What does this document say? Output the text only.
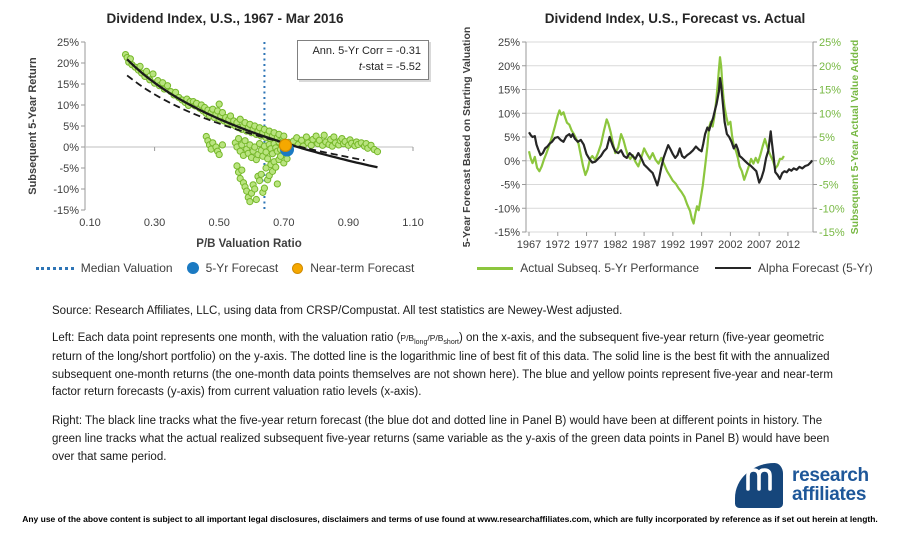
Dividend Index, U.S., 1967 - Mar 2016	Dividend Index, U.S., Forecast vs. Actual
25%
20%
15%
10%
5%
0%
-5%
-10%
-15%
0.10	0.30	0.50	0.70	0.90	1.10
P/B Valuation Ratio
Subsequent 5-Year Return
25%
20%
15%
10%
5%
0%
-5%
-10%
-15%
25%
20%
15%
10%
5%
0%
-5%
-10%
-15%
1967 1972 1977 1982 1987 1992 1997 2002 2007 2012
5-Year Forecast Based on Starting Valuation	Subsequent 5-Year Actual Value Added
Ann. 5-Yr Corr = -0.31
t-stat = -5.52
Median Valuation	5-Yr Forecast	Near-term Forecast	Actual Subseq. 5-Yr Performance	Alpha Forecast (5-Yr)
Source: Research Affiliates, LLC, using data from CRSP/Compustat. All test statistics are Newey-West adjusted.
Left: Each data point represents one month, with the valuation ratio $(P/B_{long}/P/B_{short})$ on the x-axis, and the subsequent five-year return (five-year geometric return of the long/short portfolio) on the y-axis. The dotted line is the logarithmic line of best fit of this data. The solid line is the best fit with the annualized subsequent one-month returns (the one-month data points themselves are not shown here). The blue and yellow points represent five-year and near-term factor return forecasts (y-axis) from current valuation ratio levels (x-axis).
Right: The black line tracks what the five-year return forecast (the blue dot and dotted line in Panel B) would have been at different points in history. The green line tracks what the actual realized subsequent five-year returns (same variable as the y-axis of the green data points in Panel B) would have been over that same period.
research
affiliates
Any use of the above content is subject to all important legal disclosures, disclaimers and terms of use found at www.researchaffiliates.com, which are fully incorporated by reference as if set out herein at length.
